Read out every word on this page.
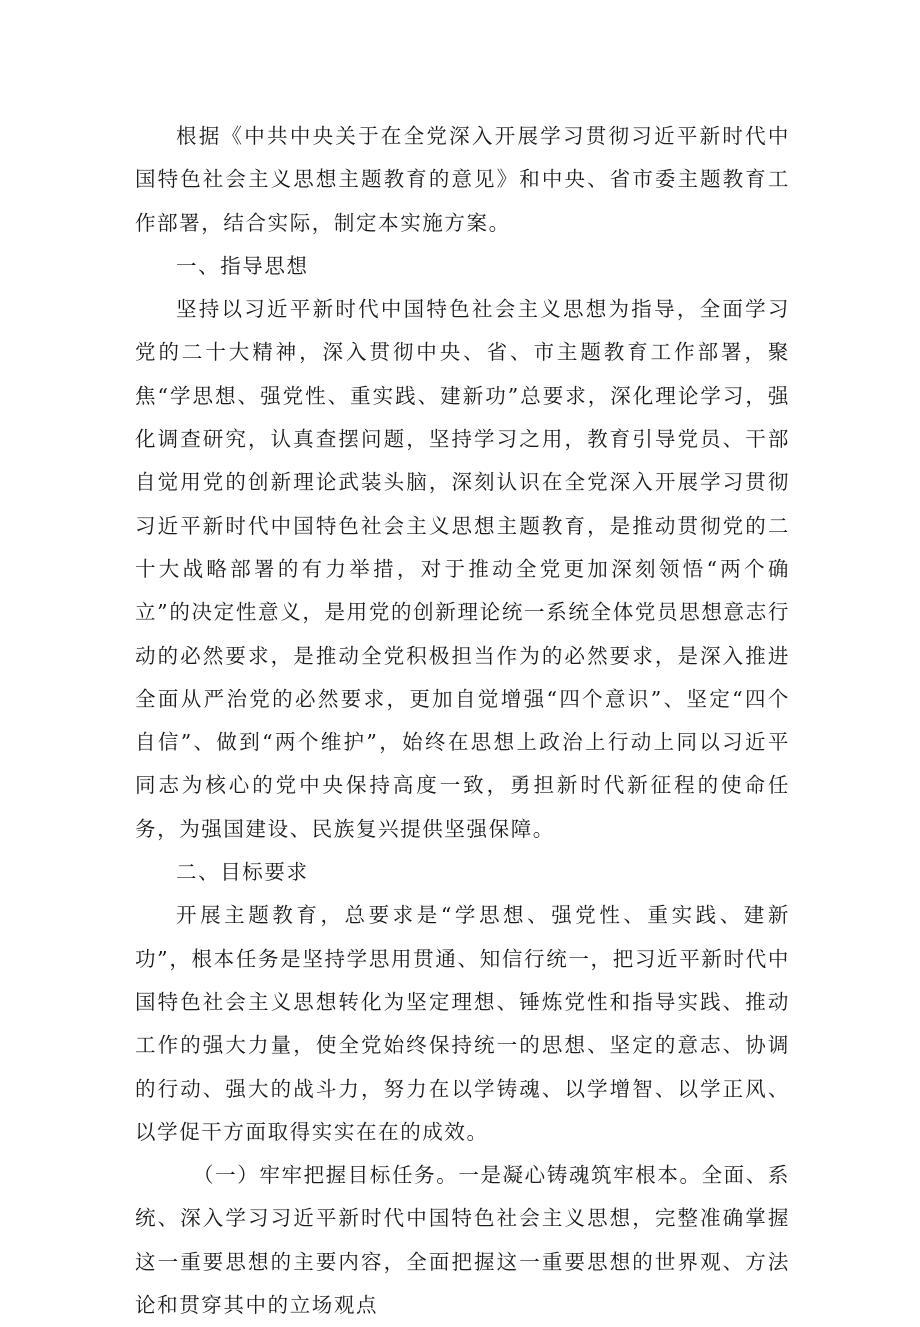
根据《中共中央关于在全党深入开展学习贯彻习近平新时代中国特色社会主义思想主题教育的意见》和中央、省市委主题教育工作部署，结合实际，制定本实施方案。

一、指导思想

坚持以习近平新时代中国特色社会主义思想为指导，全面学习党的二十大精神，深入贯彻中央、省、市主题教育工作部署，聚焦“学思想、强党性、重实践、建新功”总要求，深化理论学习，强化调查研究，认真查摆问题，坚持学习之用，教育引导党员、干部自觉用党的创新理论武装头脑，深刻认识在全党深入开展学习贯彻习近平新时代中国特色社会主义思想主题教育，是推动贯彻党的二十大战略部署的有力举措，对于推动全党更加深刻领悟“两个确立”的决定性意义，是用党的创新理论统一系统全体党员思想意志行动的必然要求，是推动全党积极担当作为的必然要求，是深入推进全面从严治党的必然要求，更加自觉增强“四个意识”、坚定“四个自信”、做到“两个维护”，始终在思想上政治上行动上同以习近平同志为核心的党中央保持高度一致，勇担新时代新征程的使命任务，为强国建设、民族复兴提供坚强保障。

二、目标要求

开展主题教育，总要求是“学思想、强党性、重实践、建新功”，根本任务是坚持学思用贯通、知信行统一，把习近平新时代中国特色社会主义思想转化为坚定理想、锤炼党性和指导实践、推动工作的强大力量，使全党始终保持统一的思想、坚定的意志、协调的行动、强大的战斗力，努力在以学铸魂、以学增智、以学正风、以学促干方面取得实实在在的成效。

（一）牢牢把握目标任务。一是凝心铸魂筑牢根本。全面、系统、深入学习习近平新时代中国特色社会主义思想，完整准确掌握这一重要思想的主要内容，全面把握这一重要思想的世界观、方法论和贯穿其中的立场观点
